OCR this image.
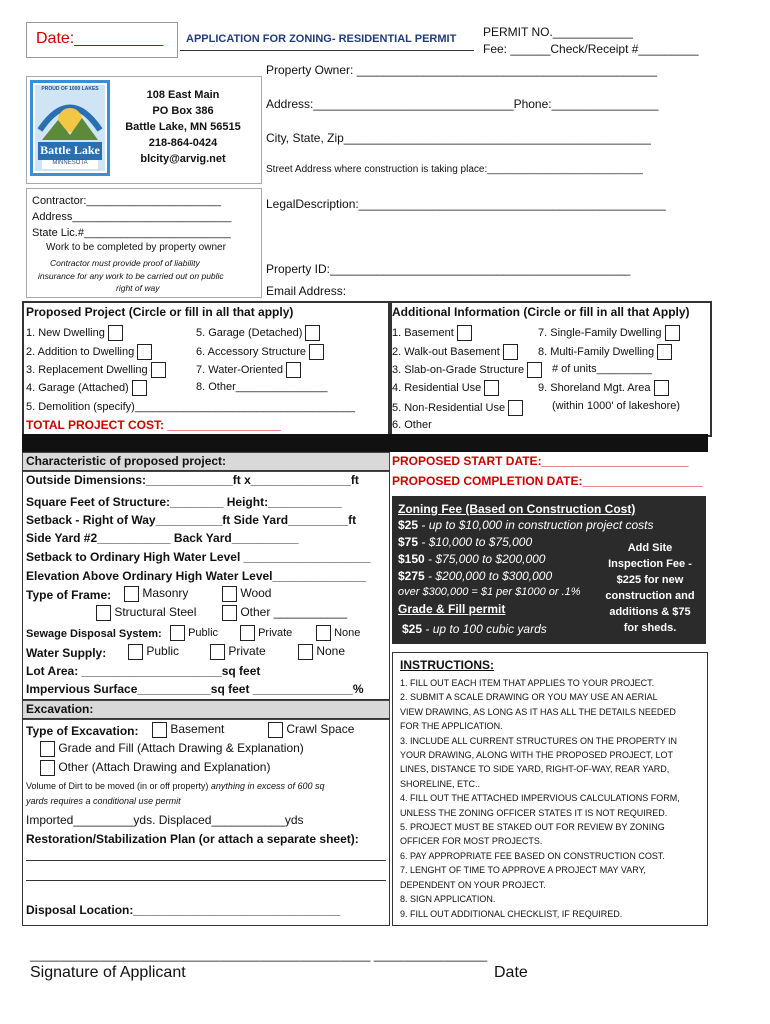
Date:__________ APPLICATION FOR ZONING- RESIDENTIAL PERMIT PERMIT NO.____________
Fee: ______Check/Receipt #_________
PROUD OF 1000 LAKES
Battle Lake
MINNESOTA
108 East Main
PO Box 386
Battle Lake, MN 56515
218-864-0424
blcity@arvig.net
Property Owner: _____________________________________________
Address:______________________________Phone:________________
City, State, Zip______________________________________________
Street Address where construction is taking place:____________________________
LegalDescription:______________________________________________
Property ID:_____________________________________________
Email Address:
Contractor:______________________
Address__________________________
State Lic.#________________________
Work to be completed by property owner
Contractor must provide proof of liability
insurance for any work to be carried out on public
right of way
Proposed Project (Circle or fill in all that apply)
1. New Dwelling
2. Addition to Dwelling
3. Replacement Dwelling
4. Garage (Attached)
5. Garage (Detached)
6. Accessory Structure
7. Water-Oriented
8. Other_______________
5. Demolition (specify)____________________________________
TOTAL PROJECT COST: _________________
Additional Information (Circle or fill in all that Apply)
1. Basement
2. Walk-out Basement
3. Slab-on-Grade Structure
4. Residential Use
5. Non-Residential Use
6. Other
7. Single-Family Dwelling
8. Multi-Family Dwelling
# of units_________
9. Shoreland Mgt. Area
(within 1000' of lakeshore)
Characteristic of proposed project:
Outside Dimensions:_____________ft x_______________ft
Square Feet of Structure:________ Height:___________
Setback - Right of Way__________ft Side Yard_________ft
Side Yard #2___________ Back Yard__________
Setback to Ordinary High Water Level ___________________
Elevation Above Ordinary High Water Level______________
Type of Frame:	Masonry	Wood
Structural Steel	Other ___________
Sewage Disposal System:	Public	Private	None
Water Supply:	Public	Private	None
Lot Area: _____________________sq feet
Impervious Surface___________sq feet _______________%
PROPOSED START DATE:______________________
PROPOSED COMPLETION DATE:__________________
Zoning Fee (Based on Construction Cost)
$25 - up to $10,000 in construction project costs
$75 - $10,000 to $75,000
$150 - $75,000 to $200,000
$275 - $200,000 to $300,000
over $300,000 = $1 per $1000 or .1%
Grade & Fill permit
$25 - up to 100 cubic yards
Add Site
Inspection Fee -
$225 for new
construction and
additions & $75
for sheds.
Excavation:
Type of Excavation:	Basement	Crawl Space
Grade and Fill (Attach Drawing & Explanation)
Other (Attach Drawing and Explanation)
Volume of Dirt to be moved (in or off property) anything in excess of 600 sq
yards requires a conditional use permit
Imported_________yds. Displaced___________yds
Restoration/Stabilization Plan (or attach a separate sheet):
Disposal Location:_______________________________
INSTRUCTIONS:
1. FILL OUT EACH ITEM THAT APPLIES TO YOUR PROJECT.
2. SUBMIT A SCALE DRAWING OR YOU MAY USE AN AERIAL
VIEW DRAWING, AS LONG AS IT HAS ALL THE DETAILS NEEDED
FOR THE APPLICATION.
3. INCLUDE ALL CURRENT STRUCTURES ON THE PROPERTY IN
YOUR DRAWING, ALONG WITH THE PROPOSED PROJECT, LOT
LINES, DISTANCE TO SIDE YARD, RIGHT-OF-WAY, REAR YARD,
SHORELINE, ETC..
4. FILL OUT THE ATTACHED IMPERVIOUS CALCULATIONS FORM,
UNLESS THE ZONING OFFICER STATES IT IS NOT REQUIRED.
5. PROJECT MUST BE STAKED OUT FOR REVIEW BY ZONING
OFFICER FOR MOST PROJECTS.
6. PAY APPROPRIATE FEE BASED ON CONSTRUCTION COST.
7. LENGHT OF TIME TO APPROVE A PROJECT MAY VARY,
DEPENDENT ON YOUR PROJECT.
8. SIGN APPLICATION.
9. FILL OUT ADDITIONAL CHECKLIST, IF REQUIRED.
___________________________________________________ _________________
Signature of Applicant	Date
